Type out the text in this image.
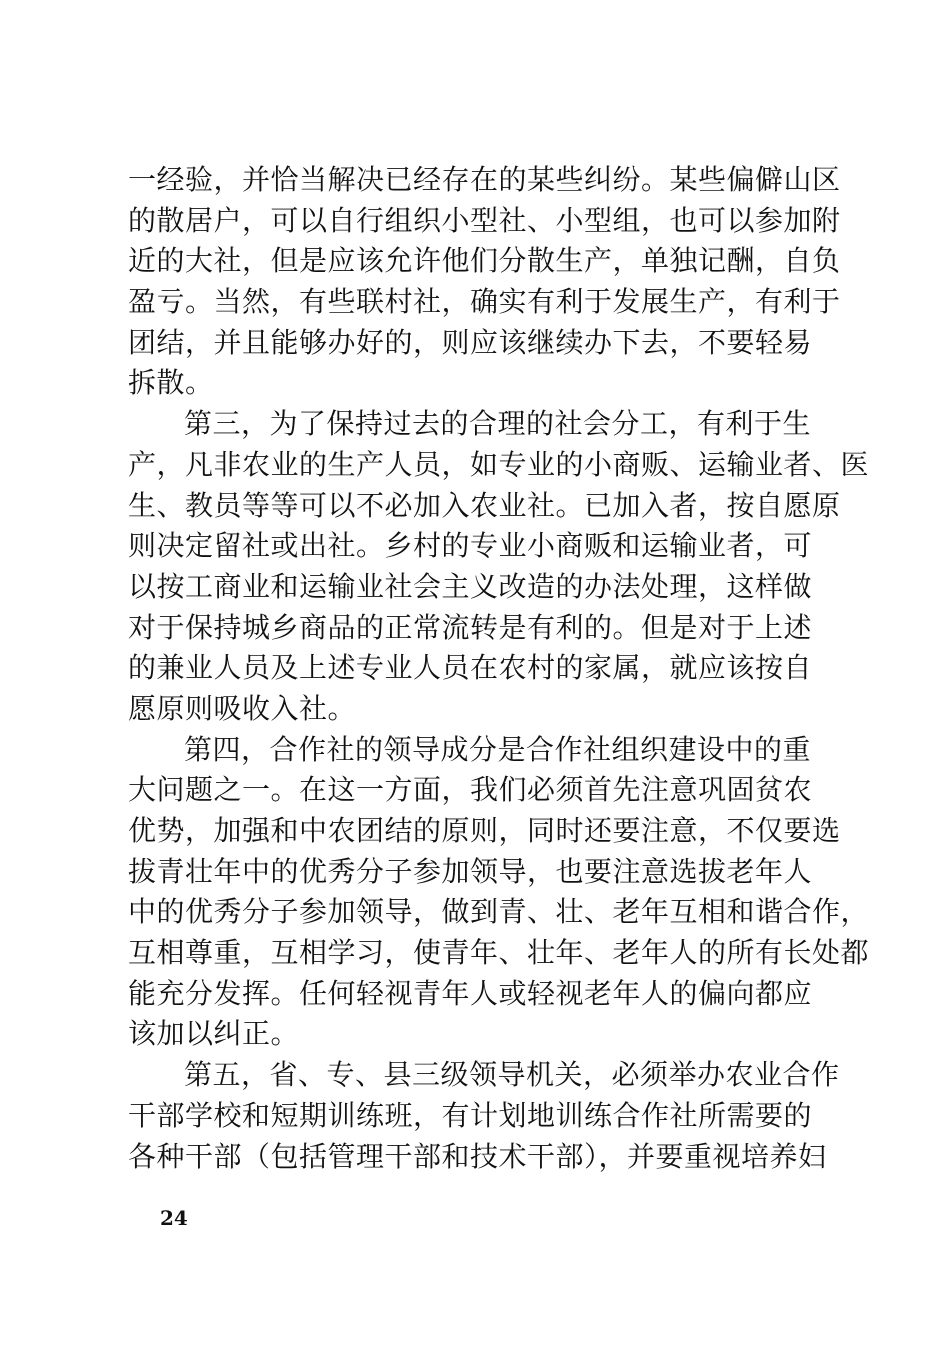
一经验，并恰当解决已经存在的某些纠纷。某些偏僻山区
的散居户，可以自行组织小型社、小型组，也可以参加附
近的大社，但是应该允许他们分散生产，单独记酬，自负
盈亏。当然，有些联村社，确实有利于发展生产，有利于
团结，并且能够办好的，则应该继续办下去，不要轻易
拆散。
第三，为了保持过去的合理的社会分工，有利于生
产，凡非农业的生产人员，如专业的小商贩、运输业者、医
生、教员等等可以不必加入农业社。已加入者，按自愿原
则决定留社或出社。乡村的专业小商贩和运输业者，可
以按工商业和运输业社会主义改造的办法处理，这样做
对于保持城乡商品的正常流转是有利的。但是对于上述
的兼业人员及上述专业人员在农村的家属，就应该按自
愿原则吸收入社。
第四，合作社的领导成分是合作社组织建设中的重
大问题之一。在这一方面，我们必须首先注意巩固贫农
优势，加强和中农团结的原则，同时还要注意，不仅要选
拔青壮年中的优秀分子参加领导，也要注意选拔老年人
中的优秀分子参加领导，做到青、壮、老年互相和谐合作，
互相尊重，互相学习，使青年、壮年、老年人的所有长处都
能充分发挥。任何轻视青年人或轻视老年人的偏向都应
该加以纠正。
第五，省、专、县三级领导机关，必须举办农业合作
干部学校和短期训练班，有计划地训练合作社所需要的
各种干部（包括管理干部和技术干部），并要重视培养妇
24
